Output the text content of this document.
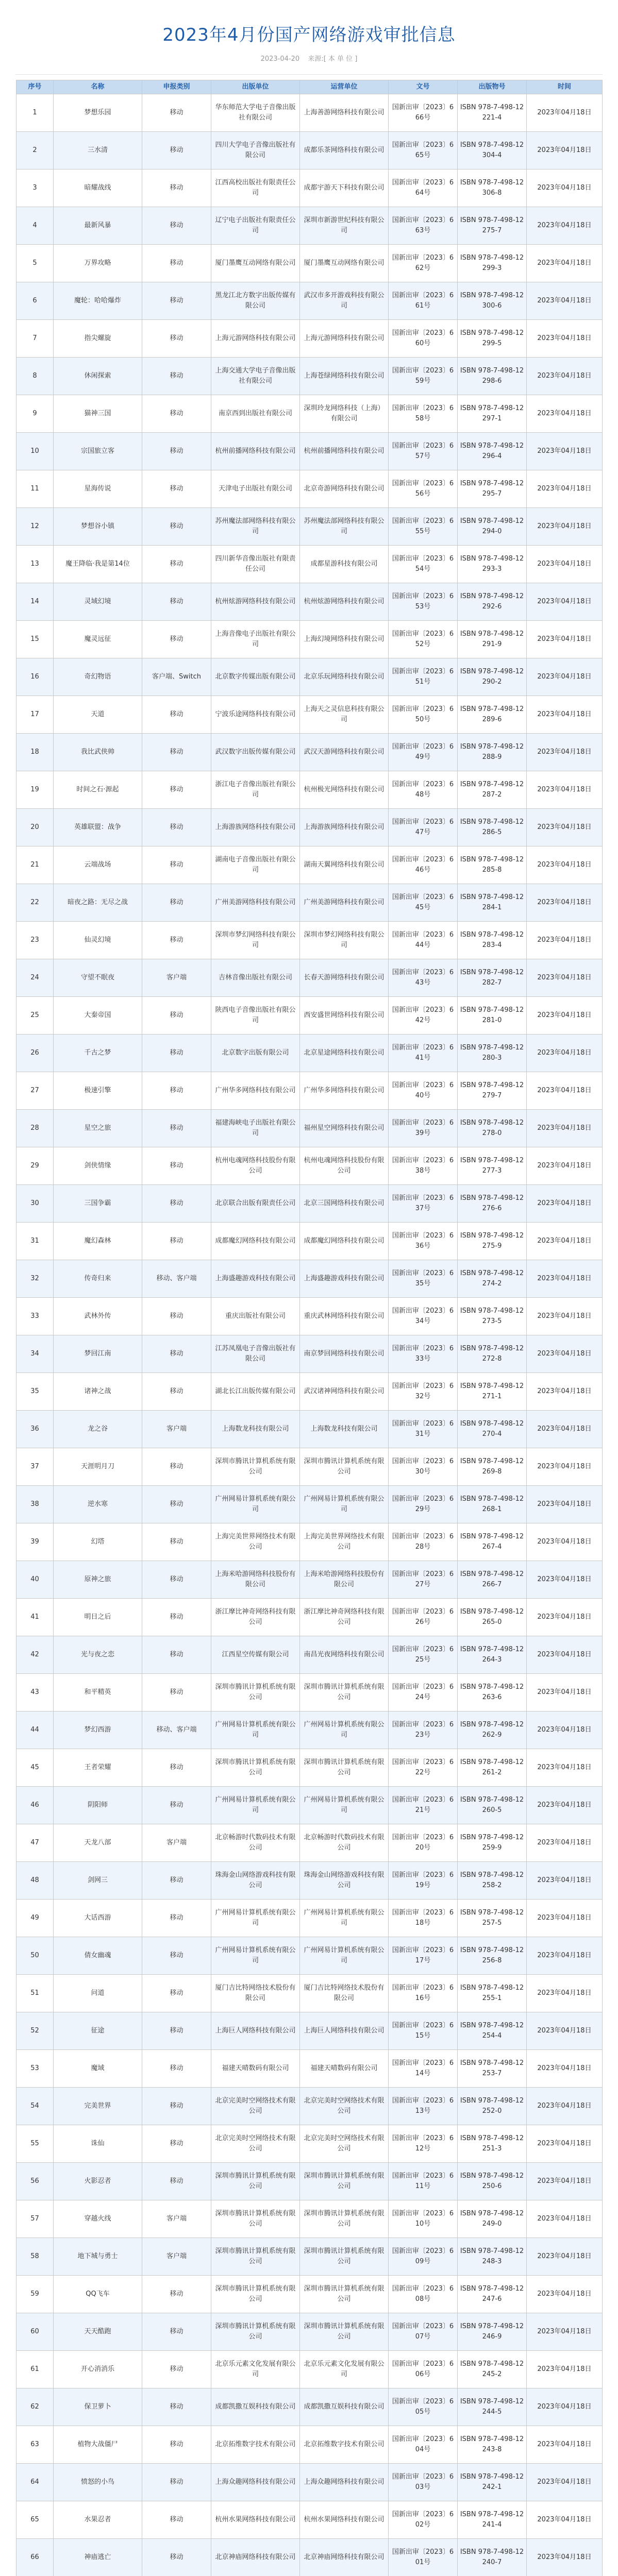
2023年4月份国产网络游戏审批信息
2023-04-20 来源:[ 本 单 位 ]
序号	名称	申报类别	出版单位	运营单位	文号	出版物号	时间
1	梦想乐园	移动	华东师范大学电子音像出版社有限公司	上海善游网络科技有限公司	国新出审〔2023〕666号	ISBN 978-7-498-12221-4	2023年04月18日
2	三水清	移动	四川大学电子音像出版社有限公司	成都乐茶网络科技有限公司	国新出审〔2023〕665号	ISBN 978-7-498-12304-4	2023年04月18日
3	暗耀战线	移动	江西高校出版社有限责任公司	成都宇游天下科技有限公司	国新出审〔2023〕664号	ISBN 978-7-498-12306-8	2023年04月18日
4	最新风暴	移动	辽宁电子出版社有限责任公司	深圳市新游世纪科技有限公司	国新出审〔2023〕663号	ISBN 978-7-498-12275-7	2023年04月18日
5	万界攻略	移动	厦门墨鹰互动网络有限公司	厦门墨鹰互动网络有限公司	国新出审〔2023〕662号	ISBN 978-7-498-12299-3	2023年04月18日
6	魔轮：哈哈爆炸	移动	黑龙江北方数字出版传媒有限公司	武汉市多开游戏科技有限公司	国新出审〔2023〕661号	ISBN 978-7-498-12300-6	2023年04月18日
7	指尖螺旋	移动	上海元游网络科技有限公司	上海元游网络科技有限公司	国新出审〔2023〕660号	ISBN 978-7-498-12299-5	2023年04月18日
8	休闲探索	移动	上海交通大学电子音像出版社有限公司	上海苍绿网络科技有限公司	国新出审〔2023〕659号	ISBN 978-7-498-12298-6	2023年04月18日
9	猫神三国	移动	南京西到出版社有限公司	深圳玲龙网络科技（上海）有限公司	国新出审〔2023〕658号	ISBN 978-7-498-12297-1	2023年04月18日
10	宗国旅立客	移动	杭州前播网络科技有限公司	杭州前播网络科技有限公司	国新出审〔2023〕657号	ISBN 978-7-498-12296-4	2023年04月18日
11	星海传说	移动	天津电子出版社有限公司	北京奇游网络科技有限公司	国新出审〔2023〕656号	ISBN 978-7-498-12295-7	2023年04月18日
12	梦想谷小镇	移动	苏州魔法部网络科技有限公司	苏州魔法部网络科技有限公司	国新出审〔2023〕655号	ISBN 978-7-498-12294-0	2023年04月18日
13	魔王降临·我是第14位	移动	四川新华音像出版社有限责任公司	成都星游科技有限公司	国新出审〔2023〕654号	ISBN 978-7-498-12293-3	2023年04月18日
14	灵域幻境	移动	杭州炫游网络科技有限公司	杭州炫游网络科技有限公司	国新出审〔2023〕653号	ISBN 978-7-498-12292-6	2023年04月18日
15	魔灵远征	移动	上海音像电子出版社有限公司	上海幻境网络科技有限公司	国新出审〔2023〕652号	ISBN 978-7-498-12291-9	2023年04月18日
16	奇幻物语	客户端、Switch	北京数字传媒出版有限公司	北京乐玩网络科技有限公司	国新出审〔2023〕651号	ISBN 978-7-498-12290-2	2023年04月18日
17	天道	移动	宁波乐途网络科技有限公司	上海天之灵信息科技有限公司	国新出审〔2023〕650号	ISBN 978-7-498-12289-6	2023年04月18日
18	我比武侠帅	移动	武汉数字出版传媒有限公司	武汉天游网络科技有限公司	国新出审〔2023〕649号	ISBN 978-7-498-12288-9	2023年04月18日
19	时间之石·源起	移动	浙江电子音像出版社有限公司	杭州极光网络科技有限公司	国新出审〔2023〕648号	ISBN 978-7-498-12287-2	2023年04月18日
20	英雄联盟：战争	移动	上海游族网络科技有限公司	上海游族网络科技有限公司	国新出审〔2023〕647号	ISBN 978-7-498-12286-5	2023年04月18日
21	云端战场	移动	湖南电子音像出版社有限公司	湖南天翼网络科技有限公司	国新出审〔2023〕646号	ISBN 978-7-498-12285-8	2023年04月18日
22	暗夜之路：无尽之战	移动	广州美游网络科技有限公司	广州美游网络科技有限公司	国新出审〔2023〕645号	ISBN 978-7-498-12284-1	2023年04月18日
23	仙灵幻境	移动	深圳市梦幻网络科技有限公司	深圳市梦幻网络科技有限公司	国新出审〔2023〕644号	ISBN 978-7-498-12283-4	2023年04月18日
24	守望不眠夜	客户端	吉林音像出版社有限公司	长春天游网络科技有限公司	国新出审〔2023〕643号	ISBN 978-7-498-12282-7	2023年04月18日
25	大秦帝国	移动	陕西电子音像出版社有限公司	西安盛世网络科技有限公司	国新出审〔2023〕642号	ISBN 978-7-498-12281-0	2023年04月18日
26	千古之梦	移动	北京数字出版有限公司	北京星途网络科技有限公司	国新出审〔2023〕641号	ISBN 978-7-498-12280-3	2023年04月18日
27	极速引擎	移动	广州华多网络科技有限公司	广州华多网络科技有限公司	国新出审〔2023〕640号	ISBN 978-7-498-12279-7	2023年04月18日
28	星空之旅	移动	福建海峡电子出版社有限公司	福州星空网络科技有限公司	国新出审〔2023〕639号	ISBN 978-7-498-12278-0	2023年04月18日
29	剑侠情缘	移动	杭州电魂网络科技股份有限公司	杭州电魂网络科技股份有限公司	国新出审〔2023〕638号	ISBN 978-7-498-12277-3	2023年04月18日
30	三国争霸	移动	北京联合出版有限责任公司	北京三国网络科技有限公司	国新出审〔2023〕637号	ISBN 978-7-498-12276-6	2023年04月18日
31	魔幻森林	移动	成都魔幻网络科技有限公司	成都魔幻网络科技有限公司	国新出审〔2023〕636号	ISBN 978-7-498-12275-9	2023年04月18日
32	传奇归来	移动、客户端	上海盛趣游戏科技有限公司	上海盛趣游戏科技有限公司	国新出审〔2023〕635号	ISBN 978-7-498-12274-2	2023年04月18日
33	武林外传	移动	重庆出版社有限公司	重庆武林网络科技有限公司	国新出审〔2023〕634号	ISBN 978-7-498-12273-5	2023年04月18日
34	梦回江南	移动	江苏凤凰电子音像出版社有限公司	南京梦回网络科技有限公司	国新出审〔2023〕633号	ISBN 978-7-498-12272-8	2023年04月18日
35	诸神之战	移动	湖北长江出版传媒有限公司	武汉诸神网络科技有限公司	国新出审〔2023〕632号	ISBN 978-7-498-12271-1	2023年04月18日
36	龙之谷	客户端	上海数龙科技有限公司	上海数龙科技有限公司	国新出审〔2023〕631号	ISBN 978-7-498-12270-4	2023年04月18日
37	天涯明月刀	移动	深圳市腾讯计算机系统有限公司	深圳市腾讯计算机系统有限公司	国新出审〔2023〕630号	ISBN 978-7-498-12269-8	2023年04月18日
38	逆水寒	移动	广州网易计算机系统有限公司	广州网易计算机系统有限公司	国新出审〔2023〕629号	ISBN 978-7-498-12268-1	2023年04月18日
39	幻塔	移动	上海完美世界网络技术有限公司	上海完美世界网络技术有限公司	国新出审〔2023〕628号	ISBN 978-7-498-12267-4	2023年04月18日
40	原神之旅	移动	上海米哈游网络科技股份有限公司	上海米哈游网络科技股份有限公司	国新出审〔2023〕627号	ISBN 978-7-498-12266-7	2023年04月18日
41	明日之后	移动	浙江摩比神奇网络科技有限公司	浙江摩比神奇网络科技有限公司	国新出审〔2023〕626号	ISBN 978-7-498-12265-0	2023年04月18日
42	光与夜之恋	移动	江西星空传媒有限公司	南昌光夜网络科技有限公司	国新出审〔2023〕625号	ISBN 978-7-498-12264-3	2023年04月18日
43	和平精英	移动	深圳市腾讯计算机系统有限公司	深圳市腾讯计算机系统有限公司	国新出审〔2023〕624号	ISBN 978-7-498-12263-6	2023年04月18日
44	梦幻西游	移动、客户端	广州网易计算机系统有限公司	广州网易计算机系统有限公司	国新出审〔2023〕623号	ISBN 978-7-498-12262-9	2023年04月18日
45	王者荣耀	移动	深圳市腾讯计算机系统有限公司	深圳市腾讯计算机系统有限公司	国新出审〔2023〕622号	ISBN 978-7-498-12261-2	2023年04月18日
46	阴阳师	移动	广州网易计算机系统有限公司	广州网易计算机系统有限公司	国新出审〔2023〕621号	ISBN 978-7-498-12260-5	2023年04月18日
47	天龙八部	客户端	北京畅游时代数码技术有限公司	北京畅游时代数码技术有限公司	国新出审〔2023〕620号	ISBN 978-7-498-12259-9	2023年04月18日
48	剑网三	移动	珠海金山网络游戏科技有限公司	珠海金山网络游戏科技有限公司	国新出审〔2023〕619号	ISBN 978-7-498-12258-2	2023年04月18日
49	大话西游	移动	广州网易计算机系统有限公司	广州网易计算机系统有限公司	国新出审〔2023〕618号	ISBN 978-7-498-12257-5	2023年04月18日
50	倩女幽魂	移动	广州网易计算机系统有限公司	广州网易计算机系统有限公司	国新出审〔2023〕617号	ISBN 978-7-498-12256-8	2023年04月18日
51	问道	移动	厦门吉比特网络技术股份有限公司	厦门吉比特网络技术股份有限公司	国新出审〔2023〕616号	ISBN 978-7-498-12255-1	2023年04月18日
52	征途	移动	上海巨人网络科技有限公司	上海巨人网络科技有限公司	国新出审〔2023〕615号	ISBN 978-7-498-12254-4	2023年04月18日
53	魔域	移动	福建天晴数码有限公司	福建天晴数码有限公司	国新出审〔2023〕614号	ISBN 978-7-498-12253-7	2023年04月18日
54	完美世界	移动	北京完美时空网络技术有限公司	北京完美时空网络技术有限公司	国新出审〔2023〕613号	ISBN 978-7-498-12252-0	2023年04月18日
55	诛仙	移动	北京完美时空网络技术有限公司	北京完美时空网络技术有限公司	国新出审〔2023〕612号	ISBN 978-7-498-12251-3	2023年04月18日
56	火影忍者	移动	深圳市腾讯计算机系统有限公司	深圳市腾讯计算机系统有限公司	国新出审〔2023〕611号	ISBN 978-7-498-12250-6	2023年04月18日
57	穿越火线	客户端	深圳市腾讯计算机系统有限公司	深圳市腾讯计算机系统有限公司	国新出审〔2023〕610号	ISBN 978-7-498-12249-0	2023年04月18日
58	地下城与勇士	客户端	深圳市腾讯计算机系统有限公司	深圳市腾讯计算机系统有限公司	国新出审〔2023〕609号	ISBN 978-7-498-12248-3	2023年04月18日
59	QQ飞车	移动	深圳市腾讯计算机系统有限公司	深圳市腾讯计算机系统有限公司	国新出审〔2023〕608号	ISBN 978-7-498-12247-6	2023年04月18日
60	天天酷跑	移动	深圳市腾讯计算机系统有限公司	深圳市腾讯计算机系统有限公司	国新出审〔2023〕607号	ISBN 978-7-498-12246-9	2023年04月18日
61	开心消消乐	移动	北京乐元素文化发展有限公司	北京乐元素文化发展有限公司	国新出审〔2023〕606号	ISBN 978-7-498-12245-2	2023年04月18日
62	保卫萝卜	移动	成都凯撒互娱科技有限公司	成都凯撒互娱科技有限公司	国新出审〔2023〕605号	ISBN 978-7-498-12244-5	2023年04月18日
63	植物大战僵尸	移动	北京拓维数字技术有限公司	北京拓维数字技术有限公司	国新出审〔2023〕604号	ISBN 978-7-498-12243-8	2023年04月18日
64	愤怒的小鸟	移动	上海众趣网络科技有限公司	上海众趣网络科技有限公司	国新出审〔2023〕603号	ISBN 978-7-498-12242-1	2023年04月18日
65	水果忍者	移动	杭州水果网络科技有限公司	杭州水果网络科技有限公司	国新出审〔2023〕602号	ISBN 978-7-498-12241-4	2023年04月18日
66	神庙逃亡	移动	北京神庙网络科技有限公司	北京神庙网络科技有限公司	国新出审〔2023〕601号	ISBN 978-7-498-12240-7	2023年04月18日
